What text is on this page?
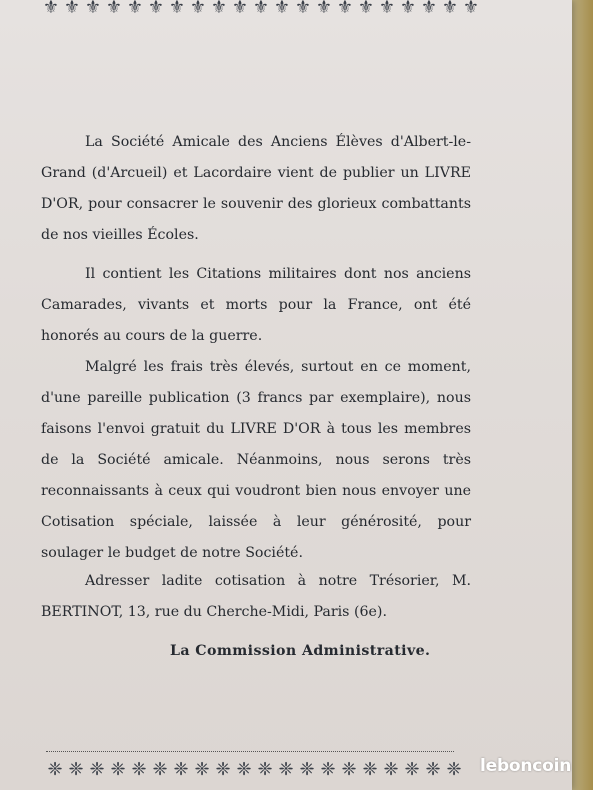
⚜ ⚜ ⚜ ⚜ ⚜ ⚜ ⚜ ⚜ ⚜ ⚜ ⚜ ⚜ ⚜ ⚜ ⚜ ⚜ ⚜ ⚜ ⚜ ⚜ ⚜

La Société Amicale des Anciens Élèves d'Albert-le-Grand (d'Arcueil) et Lacordaire vient de publier un LIVRE D'OR, pour consacrer le souvenir des glorieux combattants de nos vieilles Écoles.

Il contient les Citations militaires dont nos anciens Camarades, vivants et morts pour la France, ont été honorés au cours de la guerre.

Malgré les frais très élevés, surtout en ce moment, d'une pareille publication (3 francs par exemplaire), nous faisons l'envoi gratuit du LIVRE D'OR à tous les membres de la Société amicale. Néanmoins, nous serons très reconnaissants à ceux qui voudront bien nous envoyer une Cotisation spéciale, laissée à leur générosité, pour soulager le budget de notre Société.

Adresser ladite cotisation à notre Trésorier, M. BERTINOT, 13, rue du Cherche-Midi, Paris (6e).

La Commission Administrative.
❈ ❈ ❈ ❈ ❈ ❈ ❈ ❈ ❈ ❈ ❈ ❈ ❈ ❈ ❈ ❈ ❈ ❈ ❈ ❈ leboncoin
